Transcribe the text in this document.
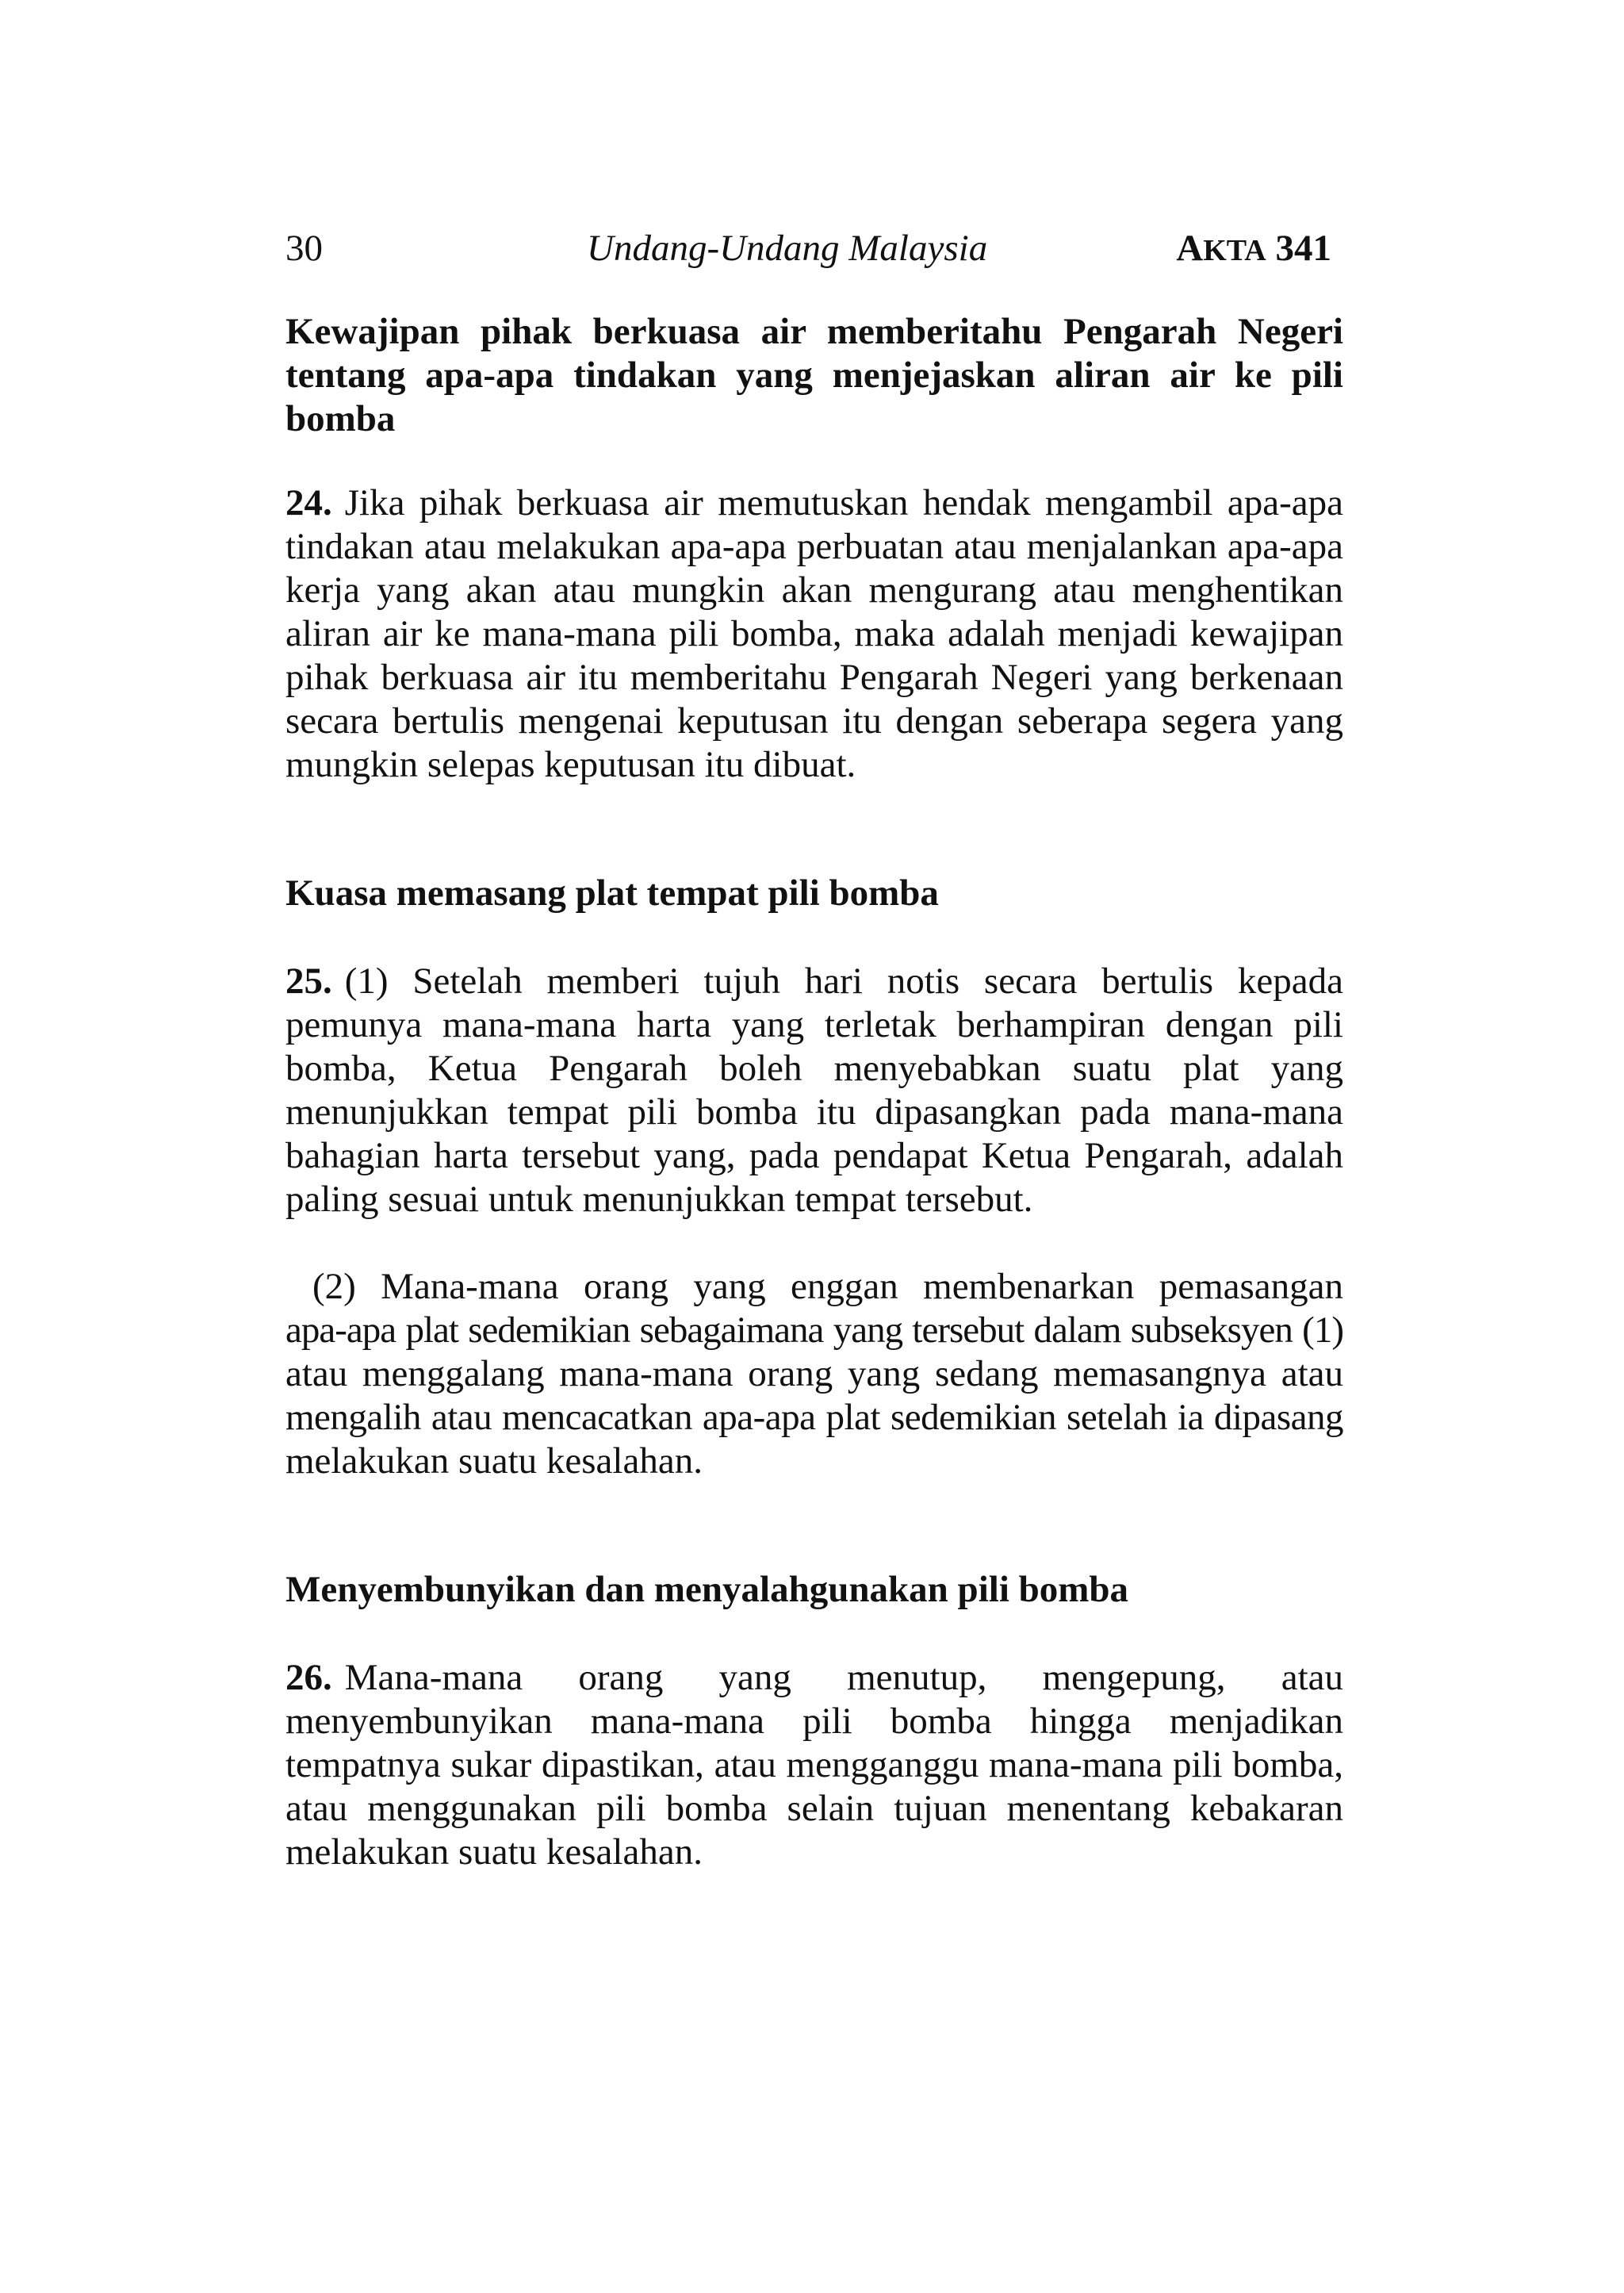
30	Undang-Undang Malaysia	AKTA 341
Kewajipan pihak berkuasa air memberitahu Pengarah Negeri
tentang apa-apa tindakan yang menjejaskan aliran air ke pili
bomba
24. Jika pihak berkuasa air memutuskan hendak mengambil apa-apa
tindakan atau melakukan apa-apa perbuatan atau menjalankan apa-apa
kerja yang akan atau mungkin akan mengurang atau menghentikan
aliran air ke mana-mana pili bomba, maka adalah menjadi kewajipan
pihak berkuasa air itu memberitahu Pengarah Negeri yang berkenaan
secara bertulis mengenai keputusan itu dengan seberapa segera yang
mungkin selepas keputusan itu dibuat.
Kuasa memasang plat tempat pili bomba
25. (1) Setelah memberi tujuh hari notis secara bertulis kepada
pemunya mana-mana harta yang terletak berhampiran dengan pili
bomba, Ketua Pengarah boleh menyebabkan suatu plat yang
menunjukkan tempat pili bomba itu dipasangkan pada mana-mana
bahagian harta tersebut yang, pada pendapat Ketua Pengarah, adalah
paling sesuai untuk menunjukkan tempat tersebut.
(2) Mana-mana orang yang enggan membenarkan pemasangan
apa-apa plat sedemikian sebagaimana yang tersebut dalam subseksyen (1)
atau menggalang mana-mana orang yang sedang memasangnya atau
mengalih atau mencacatkan apa-apa plat sedemikian setelah ia dipasang
melakukan suatu kesalahan.
Menyembunyikan dan menyalahgunakan pili bomba
26. Mana-mana orang yang menutup, mengepung, atau
menyembunyikan mana-mana pili bomba hingga menjadikan
tempatnya sukar dipastikan, atau mengganggu mana-mana pili bomba,
atau menggunakan pili bomba selain tujuan menentang kebakaran
melakukan suatu kesalahan.
